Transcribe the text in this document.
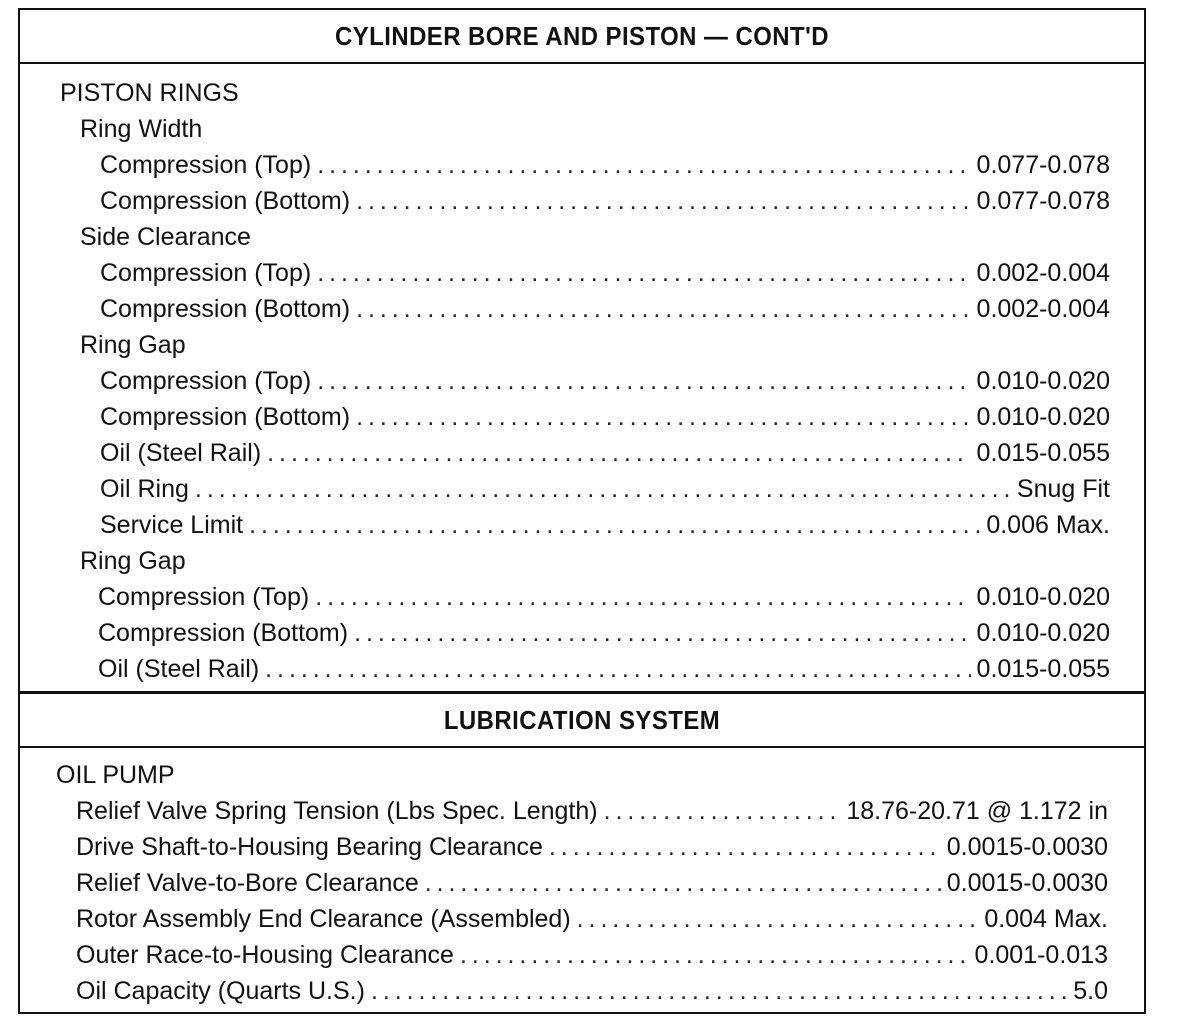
CYLINDER BORE AND PISTON — CONT'D
PISTON RINGS
Ring Width
Compression (Top) . . .	0.077-0.078
Compression (Bottom) . . .	0.077-0.078
Side Clearance
Compression (Top) . . .	0.002-0.004
Compression (Bottom) . . .	0.002-0.004
Ring Gap
Compression (Top) . . .	0.010-0.020
Compression (Bottom) . . .	0.010-0.020
Oil (Steel Rail) . . .	0.015-0.055
Oil Ring . . .	Snug Fit
Service Limit . . .	0.006 Max.
Ring Gap
Compression (Top) . . .	0.010-0.020
Compression (Bottom) . . .	0.010-0.020
Oil (Steel Rail) . . .	0.015-0.055
LUBRICATION SYSTEM
OIL PUMP
Relief Valve Spring Tension (Lbs Spec. Length) . . .	18.76-20.71 @ 1.172 in
Drive Shaft-to-Housing Bearing Clearance . . .	0.0015-0.0030
Relief Valve-to-Bore Clearance . . .	0.0015-0.0030
Rotor Assembly End Clearance (Assembled) . . .	0.004 Max.
Outer Race-to-Housing Clearance . . .	0.001-0.013
Oil Capacity (Quarts U.S.) . . .	5.0
